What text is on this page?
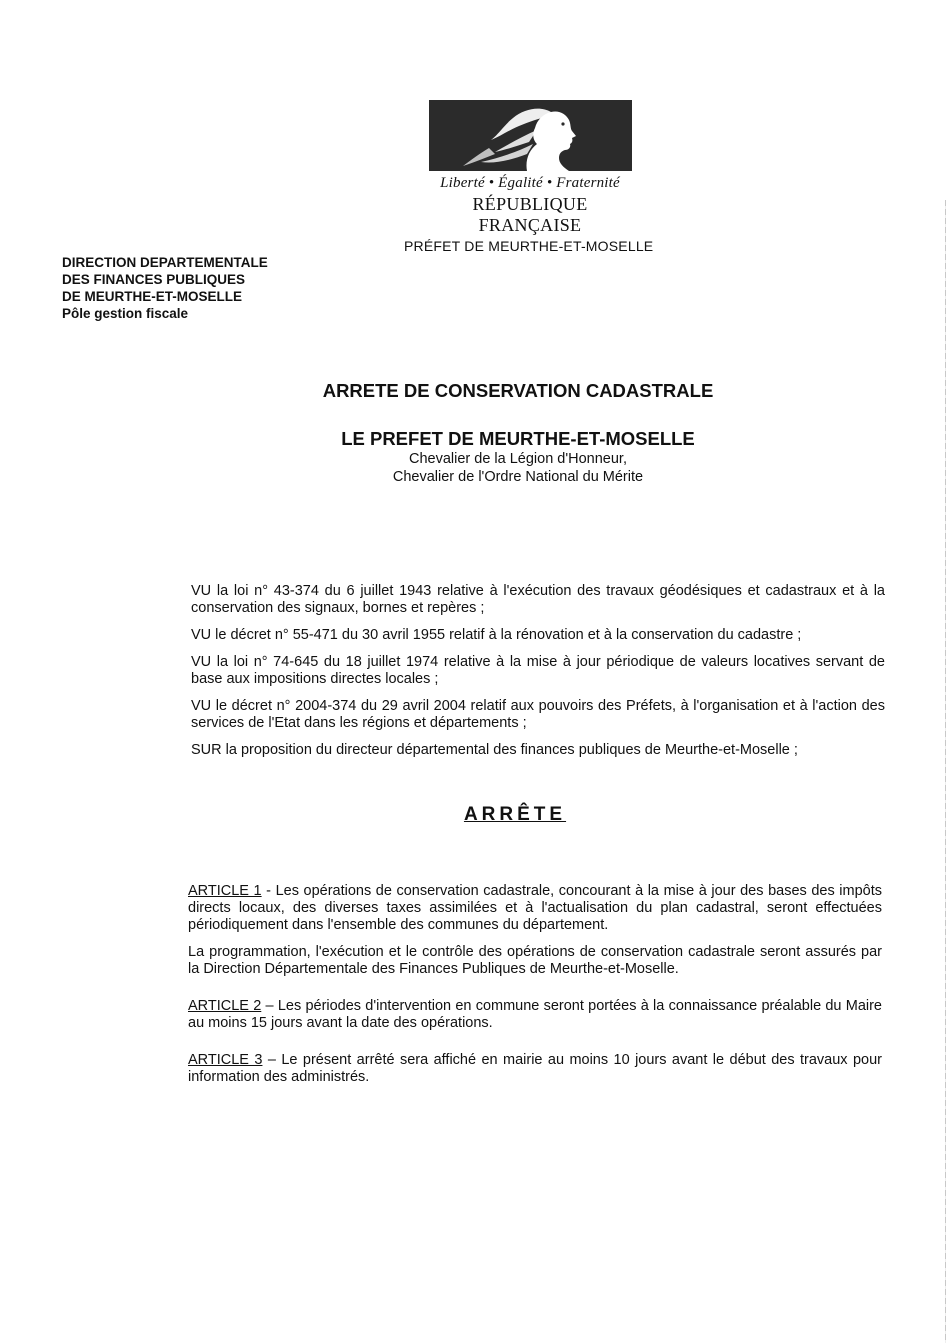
Liberté • Égalité • Fraternité
RÉPUBLIQUE FRANÇAISE
PRÉFET DE MEURTHE-ET-MOSELLE
DIRECTION DEPARTEMENTALE
DES FINANCES PUBLIQUES
DE MEURTHE-ET-MOSELLE
Pôle gestion fiscale
ARRETE DE CONSERVATION CADASTRALE
LE PREFET DE MEURTHE-ET-MOSELLE
Chevalier de la Légion d'Honneur,
Chevalier de l'Ordre National du Mérite

VU la loi n° 43-374 du 6 juillet 1943 relative à l'exécution des travaux géodésiques et cadastraux et à la conservation des signaux, bornes et repères ;

VU le décret n° 55-471 du 30 avril 1955 relatif à la rénovation et à la conservation du cadastre ;

VU la loi n° 74-645 du 18 juillet 1974 relative à la mise à jour périodique de valeurs locatives servant de base aux impositions directes locales ;

VU le décret n° 2004-374 du 29 avril 2004 relatif aux pouvoirs des Préfets, à l'organisation et à l'action des services de l'Etat dans les régions et départements ;

SUR la proposition du directeur départemental des finances publiques de Meurthe-et-Moselle ;

ARRÊTE

ARTICLE 1 - Les opérations de conservation cadastrale, concourant à la mise à jour des bases des impôts directs locaux, des diverses taxes assimilées et à l'actualisation du plan cadastral, seront effectuées périodiquement dans l'ensemble des communes du département.

La programmation, l'exécution et le contrôle des opérations de conservation cadastrale seront assurés par la Direction Départementale des Finances Publiques de Meurthe-et-Moselle.

ARTICLE 2 – Les périodes d'intervention en commune seront portées à la connaissance préalable du Maire au moins 15 jours avant la date des opérations.

ARTICLE 3 – Le présent arrêté sera affiché en mairie au moins 10 jours avant le début des travaux pour information des administrés.
